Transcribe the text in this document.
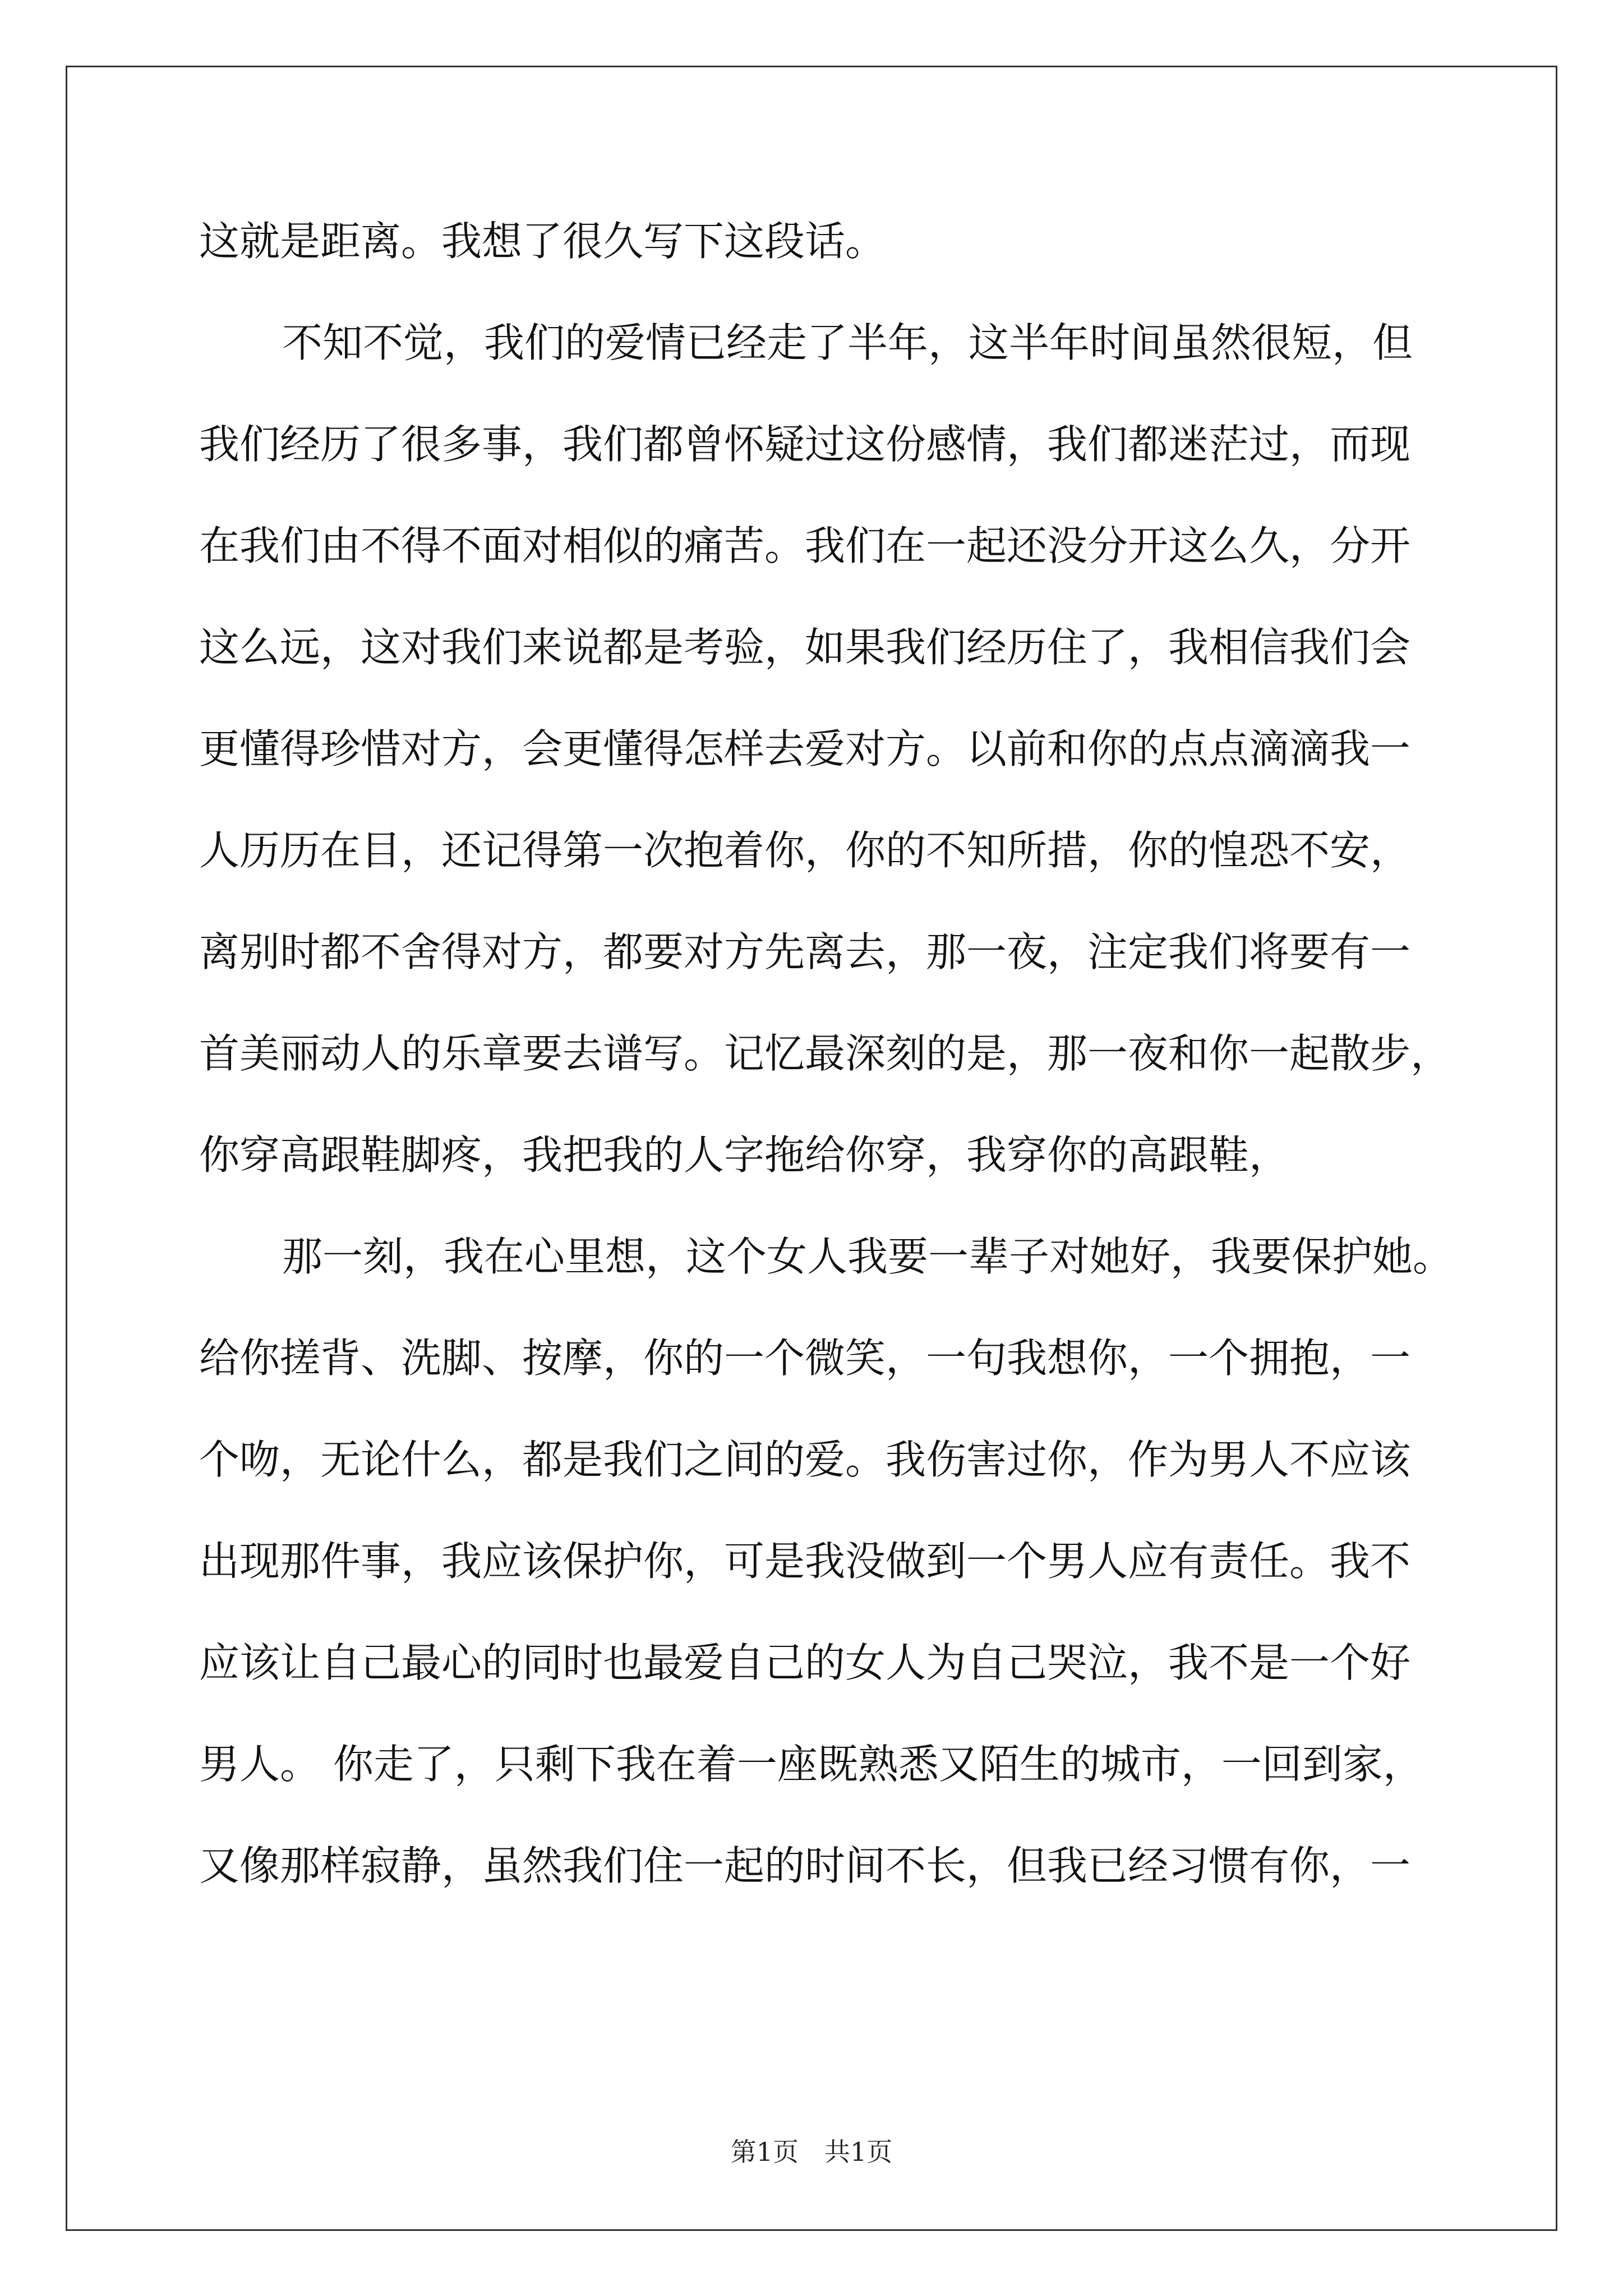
这就是距离。我想了很久写下这段话。
不知不觉，我们的爱情已经走了半年，这半年时间虽然很短，但
我们经历了很多事，我们都曾怀疑过这份感情，我们都迷茫过，而现
在我们由不得不面对相似的痛苦。我们在一起还没分开这么久，分开
这么远，这对我们来说都是考验，如果我们经历住了，我相信我们会
更懂得珍惜对方，会更懂得怎样去爱对方。以前和你的点点滴滴我一
人历历在目，还记得第一次抱着你，你的不知所措，你的惶恐不安，
离别时都不舍得对方，都要对方先离去，那一夜，注定我们将要有一
首美丽动人的乐章要去谱写。记忆最深刻的是，那一夜和你一起散步，
你穿高跟鞋脚疼，我把我的人字拖给你穿，我穿你的高跟鞋，
那一刻，我在心里想，这个女人我要一辈子对她好，我要保护她。
给你搓背、洗脚、按摩，你的一个微笑，一句我想你，一个拥抱，一
个吻，无论什么，都是我们之间的爱。我伤害过你，作为男人不应该
出现那件事，我应该保护你，可是我没做到一个男人应有责任。我不
应该让自己最心的同时也最爱自己的女人为自己哭泣，我不是一个好
男人。 你走了，只剩下我在着一座既熟悉又陌生的城市，一回到家，
又像那样寂静，虽然我们住一起的时间不长，但我已经习惯有你，一
第1页　共1页
